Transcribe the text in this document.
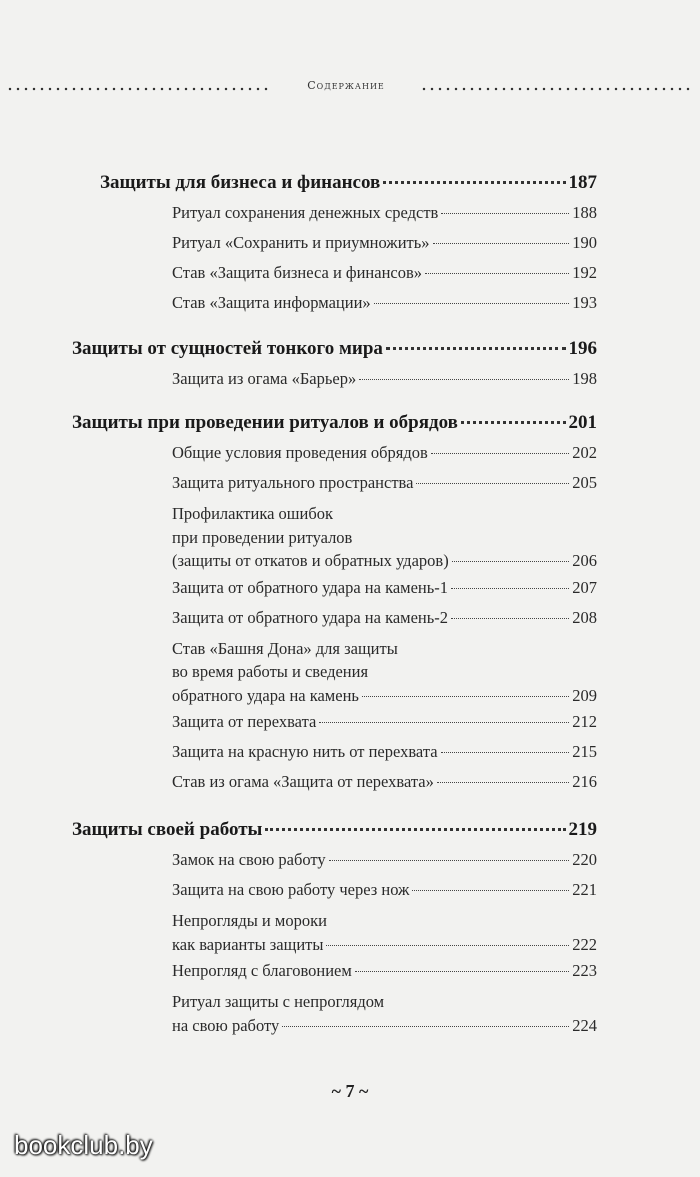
Содержание
Защиты для бизнеса и финансов	187
Ритуал сохранения денежных средств	188
Ритуал «Сохранить и приумножить»	190
Став «Защита бизнеса и финансов»	192
Став «Защита информации»	193
Защиты от сущностей тонкого мира	196
Защита из огама «Барьер»	198
Защиты при проведении ритуалов и обрядов	201
Общие условия проведения обрядов	202
Защита ритуального пространства	205
Профилактика ошибок
при проведении ритуалов
(защиты от откатов и обратных ударов)	206
Защита от обратного удара на камень-1	207
Защита от обратного удара на камень-2	208
Став «Башня Дона» для защиты
во время работы и сведения
обратного удара на камень	209
Защита от перехвата	212
Защита на красную нить от перехвата	215
Став из огама «Защита от перехвата»	216
Защиты своей работы	219
Замок на свою работу	220
Защита на свою работу через нож	221
Непрогляды и мороки
как варианты защиты	222
Непрогляд с благовонием	223
Ритуал защиты с непроглядом
на свою работу	224
~ 7 ~
bookclub.by
